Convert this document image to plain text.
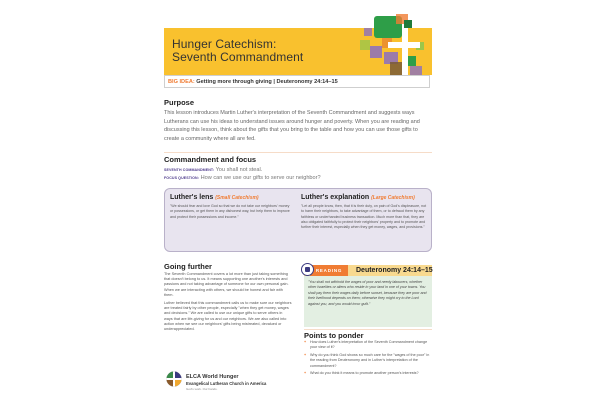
Hunger Catechism:
Seventh Commandment
BIG IDEA: Getting more through giving | Deuteronomy 24:14–15
Purpose
This lesson introduces Martin Luther's interpretation of the Seventh Commandment and suggests ways Lutherans can use his ideas to understand issues around hunger and poverty. When you are reading and discussing this lesson, think about the gifts that you bring to the table and how you can use those gifts to create a community where all are fed.
Commandment and focus
SEVENTH COMMANDMENT: You shall not steal.
FOCUS QUESTION: How can we use our gifts to serve our neighbor?
Luther's lens (Small Catechism)

"We should fear and love God so that we do not take our neighbors' money or possessions, or get them in any dishonest way, but help them to improve and protect their possessions and income."

Luther's explanation (Large Catechism)

"Let all people know, then, that it is their duty, on pain of God's displeasure, not to harm their neighbors, to take advantage of them, or to defraud them by any faithless or underhanded business transaction. Much more than that, they are also obligated faithfully to protect their neighbors' property and to promote and further their interest, especially when they get money, wages, and provisions."

Going further

The Seventh Commandment covers a lot more than just taking something that doesn't belong to us. It means supporting one another's interests and passions and not taking advantage of someone for our own personal gain. When we are interacting with others, we should be honest and fair with them.

Luther believed that this commandment calls us to make sure our neighbors are treated fairly by other people, especially "when they get money, wages and decisions." We are called to use our unique gifts to serve others in ways that are life-giving for us and our neighbors. We are also called into action when we see our neighbors' gifts being mistreated, devalued or underappreciated.

ELCA World Hunger
Evangelical Lutheran Church in America
God's work. Our hands.
READING	Deuteronomy 24:14–15
"You shall not withhold the wages of poor and needy labourers, whether other Israelites or aliens who reside in your land in one of your towns. You shall pay them their wages daily before sunset, because they are poor and their livelihood depends on them; otherwise they might cry to the Lord against you, and you would incur guilt."
Points to ponder
+ How does Luther's interpretation of the Seventh Commandment change your view of it?
+ Why do you think God shows so much care for the "wages of the poor" in the reading from Deuteronomy and in Luther's interpretation of the commandment?
+ What do you think it means to promote another person's interests?
